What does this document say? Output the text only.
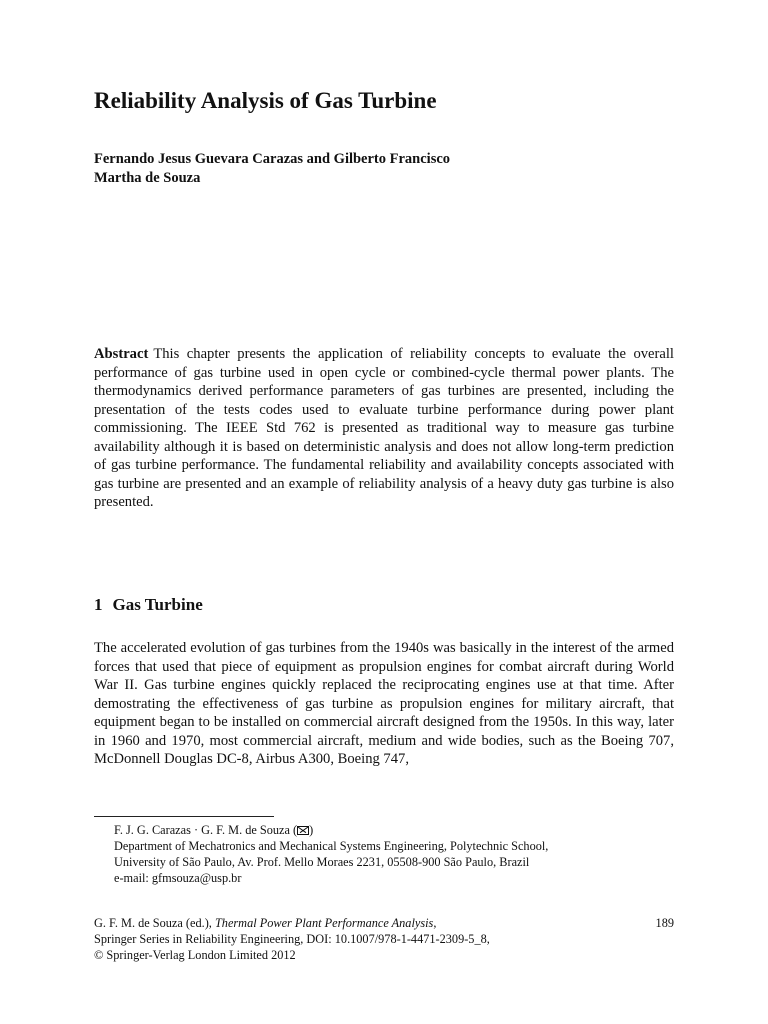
Reliability Analysis of Gas Turbine
Fernando Jesus Guevara Carazas and Gilberto Francisco
Martha de Souza

Abstract This chapter presents the application of reliability concepts to evaluate the overall performance of gas turbine used in open cycle or combined-cycle thermal power plants. The thermodynamics derived performance parameters of gas turbines are presented, including the presentation of the tests codes used to evaluate turbine performance during power plant commissioning. The IEEE Std 762 is presented as traditional way to measure gas turbine availability although it is based on deterministic analysis and does not allow long-term prediction of gas turbine performance. The fundamental reliability and availability concepts associated with gas turbine are presented and an example of reliability analysis of a heavy duty gas turbine is also presented.

1 Gas Turbine

The accelerated evolution of gas turbines from the 1940s was basically in the interest of the armed forces that used that piece of equipment as propulsion engines for combat aircraft during World War II. Gas turbine engines quickly replaced the reciprocating engines use at that time. After demostrating the effectiveness of gas turbine as propulsion engines for military aircraft, that equipment began to be installed on commercial aircraft designed from the 1950s. In this way, later in 1960 and 1970, most commercial aircraft, medium and wide bodies, such as the Boeing 707, McDonnell Douglas DC-8, Airbus A300, Boeing 747,

F. J. G. Carazas · G. F. M. de Souza ( )
Department of Mechatronics and Mechanical Systems Engineering, Polytechnic School,
University of São Paulo, Av. Prof. Mello Moraes 2231, 05508-900 São Paulo, Brazil
e-mail: gfmsouza@usp.br
G. F. M. de Souza (ed.), Thermal Power Plant Performance Analysis,
Springer Series in Reliability Engineering, DOI: 10.1007/978-1-4471-2309-5_8,
© Springer-Verlag London Limited 2012
189
